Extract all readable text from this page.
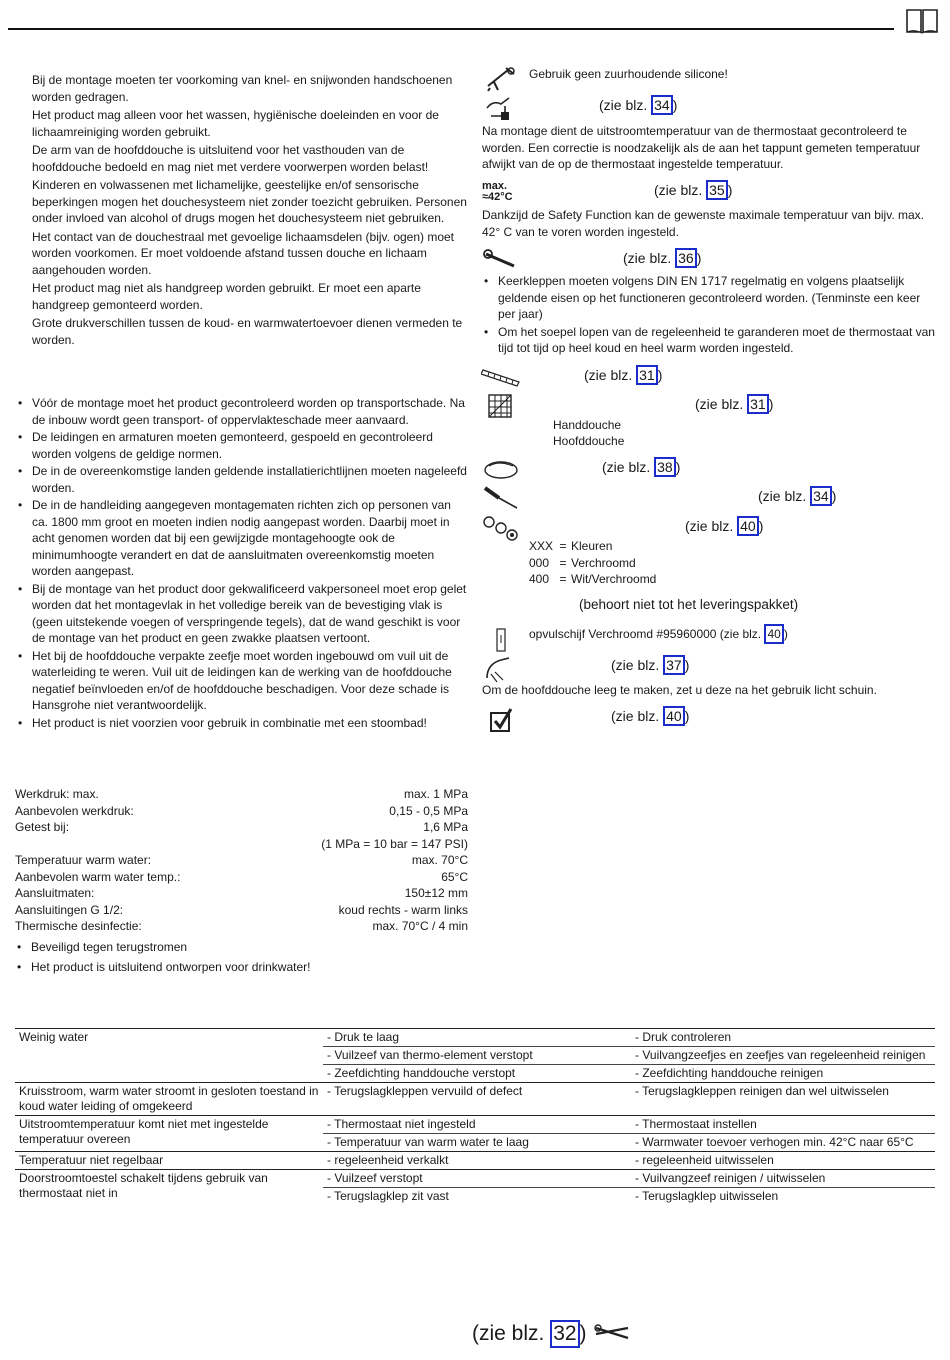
Bij de montage moeten ter voorkoming van knel- en snijwonden handschoenen worden gedragen.

Het product mag alleen voor het wassen, hygiënische doeleinden en voor de lichaamreiniging worden gebruikt.

De arm van de hoofddouche is uitsluitend voor het vasthouden van de hoofddouche bedoeld en mag niet met verdere voorwerpen worden belast!

Kinderen en volwassenen met lichamelijke, geestelijke en/of sensorische beperkingen mogen het douchesysteem niet zonder toezicht gebruiken. Personen onder invloed van alcohol of drugs mogen het douchesysteem niet gebruiken.

Het contact van de douchestraal met gevoelige lichaamsdelen (bijv. ogen) moet worden voorkomen. Er moet voldoende afstand tussen douche en lichaam aangehouden worden.

Het product mag niet als handgreep worden gebruikt. Er moet een aparte handgreep gemonteerd worden.

Grote drukverschillen tussen de koud- en warmwatertoevoer dienen vermeden te worden.

• Vóór de montage moet het product gecontroleerd worden op transportschade. Na de inbouw wordt geen transport- of oppervlakteschade meer aanvaard.
• De leidingen en armaturen moeten gemonteerd, gespoeld en gecontroleerd worden volgens de geldige normen.
• De in de overeenkomstige landen geldende installatierichtlijnen moeten nageleefd worden.
• De in de handleiding aangegeven montagematen richten zich op personen van ca. 1800 mm groot en moeten indien nodig aangepast worden. Daarbij moet in acht genomen worden dat bij een gewijzigde montagehoogte ook de minimumhoogte verandert en dat de aansluitmaten overeenkomstig moeten worden aangepast.
• Bij de montage van het product door gekwalificeerd vakpersoneel moet erop gelet worden dat het montagevlak in het volledige bereik van de bevestiging vlak is (geen uitstekende voegen of verspringende tegels), dat de wand geschikt is voor de montage van het product en geen zwakke plaatsen vertoont.
• Het bij de hoofddouche verpakte zeefje moet worden ingebouwd om vuil uit de waterleiding te weren. Vuil uit de leidingen kan de werking van de hoofddouche negatief beïnvloeden en/of de hoofddouche beschadigen. Voor deze schade is Hansgrohe niet verantwoordelijk.
• Het product is niet voorzien voor gebruik in combinatie met een stoombad!
Werkdruk: max.	max. 1 MPa
Aanbevolen werkdruk:	0,15 - 0,5 MPa
Getest bij:	1,6 MPa
(1 MPa = 10 bar = 147 PSI)
Temperatuur warm water:	max. 70°C
Aanbevolen warm water temp.:	65°C
Aansluitmaten:	150±12 mm
Aansluitingen G 1/2:	koud rechts - warm links
Thermische desinfectie:	max. 70°C / 4 min
• Beveiligd tegen terugstromen
• Het product is uitsluitend ontworpen voor drinkwater!
Gebruik geen zuurhoudende silicone!
(zie blz. 34 )
Na montage dient de uitstroomtemperatuur van de thermostaat gecontroleerd te worden. Een correctie is noodzakelijk als de aan het tappunt gemeten temperatuur afwijkt van de op de thermostaat ingestelde temperatuur.
max.
≈42°C	(zie blz. 35 )
Dankzijd de Safety Function kan de gewenste maximale temperatuur van bijv. max. 42° C van te voren worden ingesteld.
(zie blz. 36 )
• Keerkleppen moeten volgens DIN EN 1717 regelmatig en volgens plaatselijk geldende eisen op het functioneren gecontroleerd worden. (Tenminste een keer per jaar)
• Om het soepel lopen van de regeleenheid te garanderen moet de thermostaat van tijd tot tijd op heel koud en heel warm worden ingesteld.
(zie blz. 31 )
(zie blz. 31 )
Handdouche
Hoofddouche
(zie blz. 38 )
(zie blz. 34 )
(zie blz. 40 )
XXX = Kleuren
000 = Verchroomd
400 = Wit/Verchroomd
(behoort niet tot het leveringspakket)
opvulschijf Verchroomd #95960000 (zie blz. 40 )
(zie blz. 37 )
Om de hoofddouche leeg te maken, zet u deze na het gebruik licht schuin.
(zie blz. 40 )
Weinig water	- Druk te laag	- Druk controleren
	- Vuilzeef van thermo-element verstopt	- Vuilvangzeefjes en zeefjes van regeleenheid reinigen
	- Zeefdichting handdouche verstopt	- Zeefdichting handdouche reinigen
Kruisstroom, warm water stroomt in gesloten toestand in koud water leiding of omgekeerd	- Terugslagkleppen vervuild of defect	- Terugslagkleppen reinigen dan wel uitwisselen
Uitstroomtemperatuur komt niet met ingestelde temperatuur overeen	- Thermostaat niet ingesteld	- Thermostaat instellen
	- Temperatuur van warm water te laag	- Warmwater toevoer verhogen min. 42°C naar 65°C
Temperatuur niet regelbaar	- regeleenheid verkalkt	- regeleenheid uitwisselen
Doorstroomtoestel schakelt tijdens gebruik van thermostaat niet in	- Vuilzeef verstopt	- Vuilvangzeef reinigen / uitwisselen
	- Terugslagklep zit vast	- Terugslagklep uitwisselen
(zie blz. 32 )
